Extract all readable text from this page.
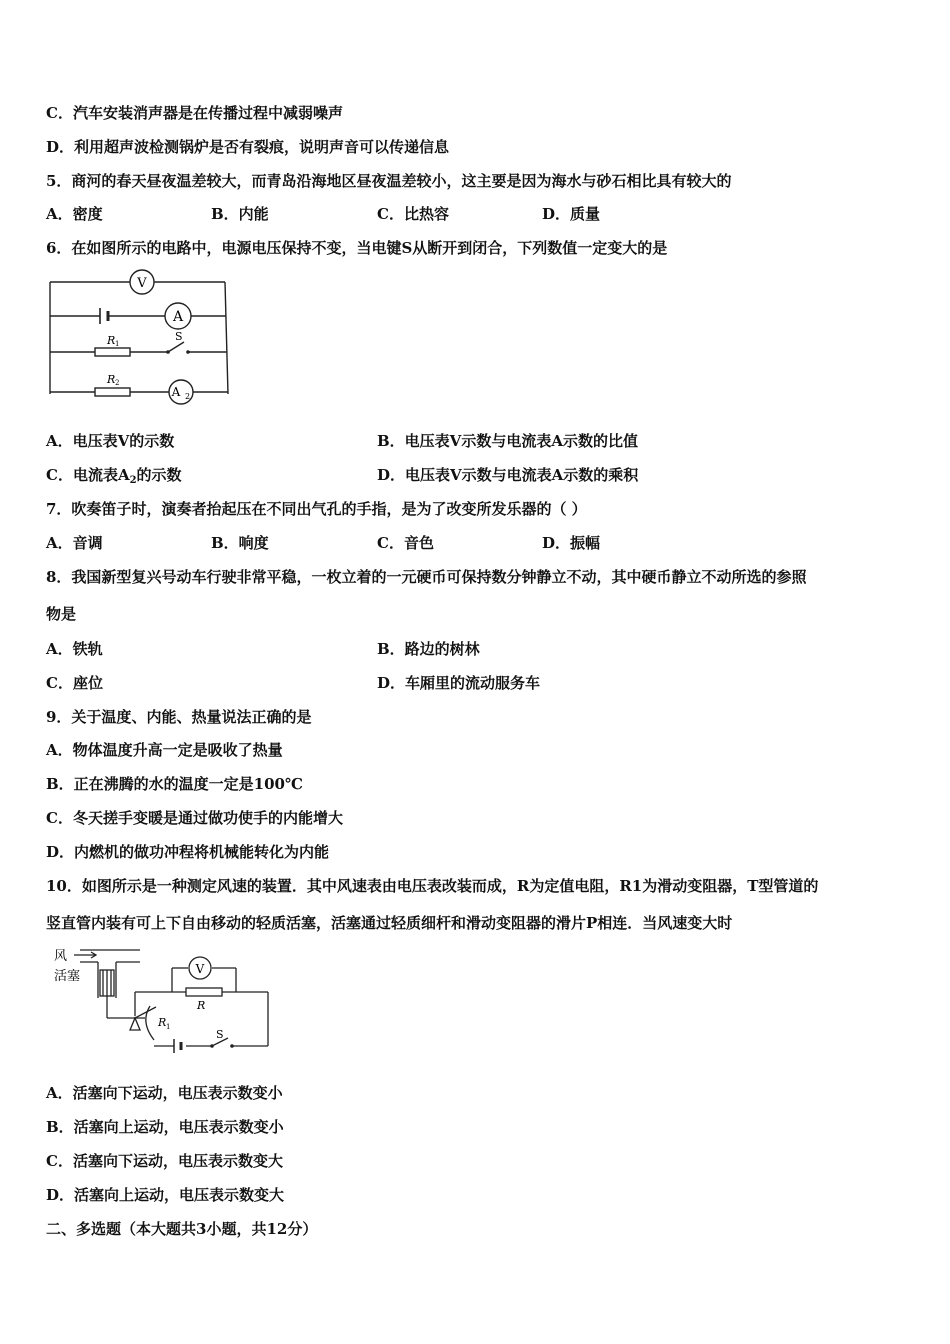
C．汽车安装消声器是在传播过程中减弱噪声
D．利用超声波检测锅炉是否有裂痕，说明声音可以传递信息
5．商河的春天昼夜温差较大，而青岛沿海地区昼夜温差较小，这主要是因为海水与砂石相比具有较大的
A．密度	B．内能	C．比热容	D．质量
6．在如图所示的电路中，电源电压保持不变，当电键S从断开到闭合，下列数值一定变大的是
V
A
A 2
R 1
S
R 2
A．电压表V的示数	B．电压表V示数与电流表A示数的比值
C．电流表$A_2$的示数	D．电压表V示数与电流表A示数的乘积
7．吹奏笛子时，演奏者抬起压在不同出气孔的手指，是为了改变所发乐器的（ ）
A．音调	B．响度	C．音色	D．振幅
8．我国新型复兴号动车行驶非常平稳，一枚立着的一元硬币可保持数分钟静立不动，其中硬币静立不动所选的参照
物是
A．铁轨	B．路边的树林
C．座位	D．车厢里的流动服务车
9．关于温度、内能、热量说法正确的是
A．物体温度升高一定是吸收了热量
B．正在沸腾的水的温度一定是100℃
C．冬天搓手变暖是通过做功使手的内能增大
D．内燃机的做功冲程将机械能转化为内能
10．如图所示是一种测定风速的装置．其中风速表由电压表改装而成，R为定值电阻，R1为滑动变阻器，T型管道的
竖直管内装有可上下自由移动的轻质活塞，活塞通过轻质细杆和滑动变阻器的滑片P相连．当风速变大时
风
活塞	V
R
R 1
S
A．活塞向下运动，电压表示数变小
B．活塞向上运动，电压表示数变小
C．活塞向下运动，电压表示数变大
D．活塞向上运动，电压表示数变大
二、多选题（本大题共3小题，共12分）
